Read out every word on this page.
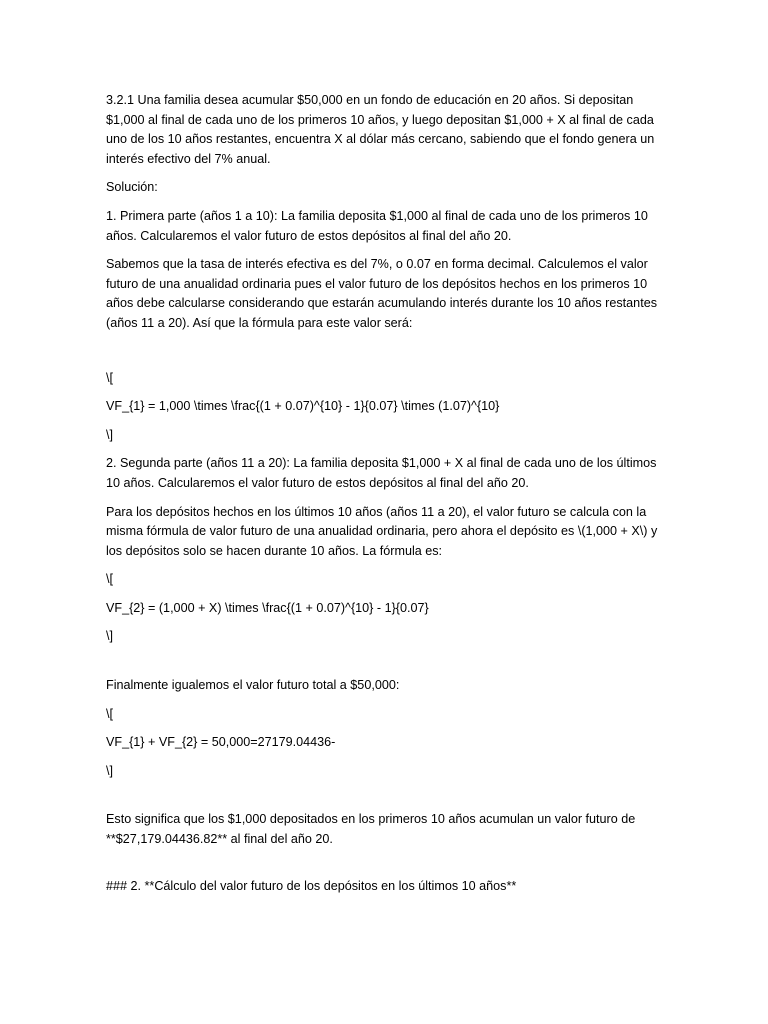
3.2.1 Una familia desea acumular $50,000 en un fondo de educación en 20 años. Si depositan $1,000 al final de cada uno de los primeros 10 años, y luego depositan $1,000 + X al final de cada uno de los 10 años restantes, encuentra X al dólar más cercano, sabiendo que el fondo genera un interés efectivo del 7% anual.

Solución:

1. Primera parte (años 1 a 10): La familia deposita $1,000 al final de cada uno de los primeros 10 años. Calcularemos el valor futuro de estos depósitos al final del año 20.

Sabemos que la tasa de interés efectiva es del 7%, o 0.07 en forma decimal. Calculemos el valor futuro de una anualidad ordinaria pues el valor futuro de los depósitos hechos en los primeros 10 años debe calcularse considerando que estarán acumulando interés durante los 10 años restantes (años 11 a 20). Así que la fórmula para este valor será:

\[

VF_{1} = 1,000 \times \frac{(1 + 0.07)^{10} - 1}{0.07} \times (1.07)^{10}

\]

2. Segunda parte (años 11 a 20): La familia deposita $1,000 + X al final de cada uno de los últimos 10 años. Calcularemos el valor futuro de estos depósitos al final del año 20.

Para los depósitos hechos en los últimos 10 años (años 11 a 20), el valor futuro se calcula con la misma fórmula de valor futuro de una anualidad ordinaria, pero ahora el depósito es \(1,000 + X\) y los depósitos solo se hacen durante 10 años. La fórmula es:

\[

VF_{2} = (1,000 + X) \times \frac{(1 + 0.07)^{10} - 1}{0.07}

\]

Finalmente igualemos el valor futuro total a $50,000:

\[

VF_{1} + VF_{2} = 50,000=27179.04436-

\]

Esto significa que los $1,000 depositados en los primeros 10 años acumulan un valor futuro de **$27,179.04436.82** al final del año 20.

### 2. **Cálculo del valor futuro de los depósitos en los últimos 10 años**
